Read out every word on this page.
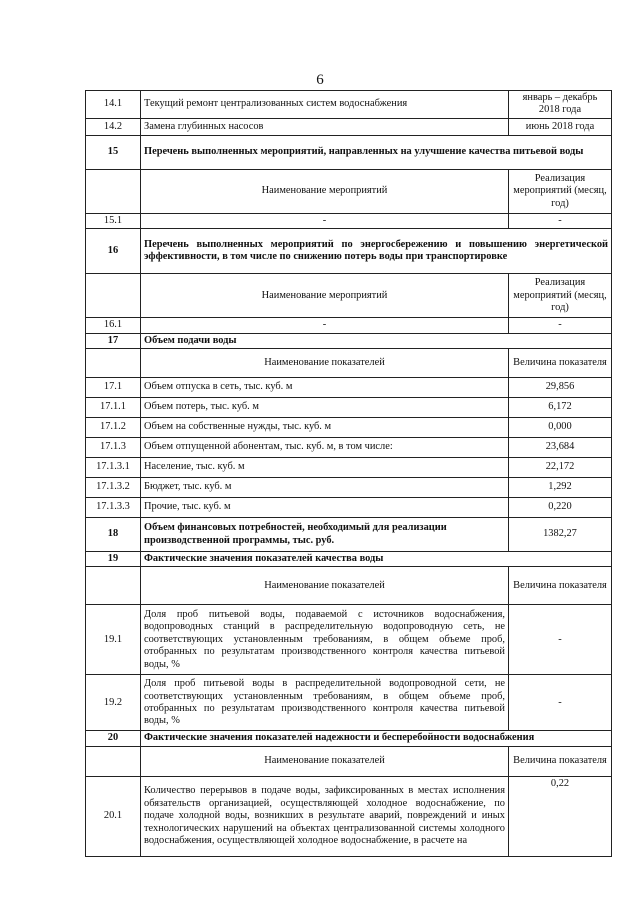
6
14.1	Текущий ремонт централизованных систем водоснабжения	январь – декабрь 2018 года
14.2	Замена глубинных насосов	июнь 2018 года
15	Перечень выполненных мероприятий, направленных на улучшение качества питьевой воды	
	Наименование мероприятий	Реализация мероприятий (месяц, год)
15.1	-	-
16	Перечень выполненных мероприятий по энергосбережению и повышению энергетической эффективности, в том числе по снижению потерь воды при транспортировке	
	Наименование мероприятий	Реализация мероприятий (месяц, год)
16.1	-	-
17	Объем подачи воды	
	Наименование показателей	Величина показателя
17.1	Объем отпуска в сеть, тыс. куб. м	29,856
17.1.1	Объем потерь, тыс. куб. м	6,172
17.1.2	Объем на собственные нужды, тыс. куб. м	0,000
17.1.3	Объем отпущенной абонентам, тыс. куб. м, в том числе:	23,684
17.1.3.1	Население, тыс. куб. м	22,172
17.1.3.2	Бюджет, тыс. куб. м	1,292
17.1.3.3	Прочие, тыс. куб. м	0,220
18	Объем финансовых потребностей, необходимый для реализации производственной программы, тыс. руб.	1382,27
19	Фактические значения показателей качества воды	
	Наименование показателей	Величина показателя
19.1	Доля проб питьевой воды, подаваемой с источников водоснабжения, водопроводных станций в распределительную водопроводную сеть, не соответствующих установленным требованиям, в общем объеме проб, отобранных по результатам производственного контроля качества питьевой воды, %	-
19.2	Доля проб питьевой воды в распределительной водопроводной сети, не соответствующих установленным требованиям, в общем объеме проб, отобранных по результатам производственного контроля качества питьевой воды, %	-
20	Фактические значения показателей надежности и бесперебойности водоснабжения	
	Наименование показателей	Величина показателя
20.1	Количество перерывов в подаче воды, зафиксированных в местах исполнения обязательств организацией, осуществляющей холодное водоснабжение, по подаче холодной воды, возникших в результате аварий, повреждений и иных технологических нарушений на объектах централизованной системы холодного водоснабжения, осуществляющей холодное водоснабжение, в расчете на	0,22
